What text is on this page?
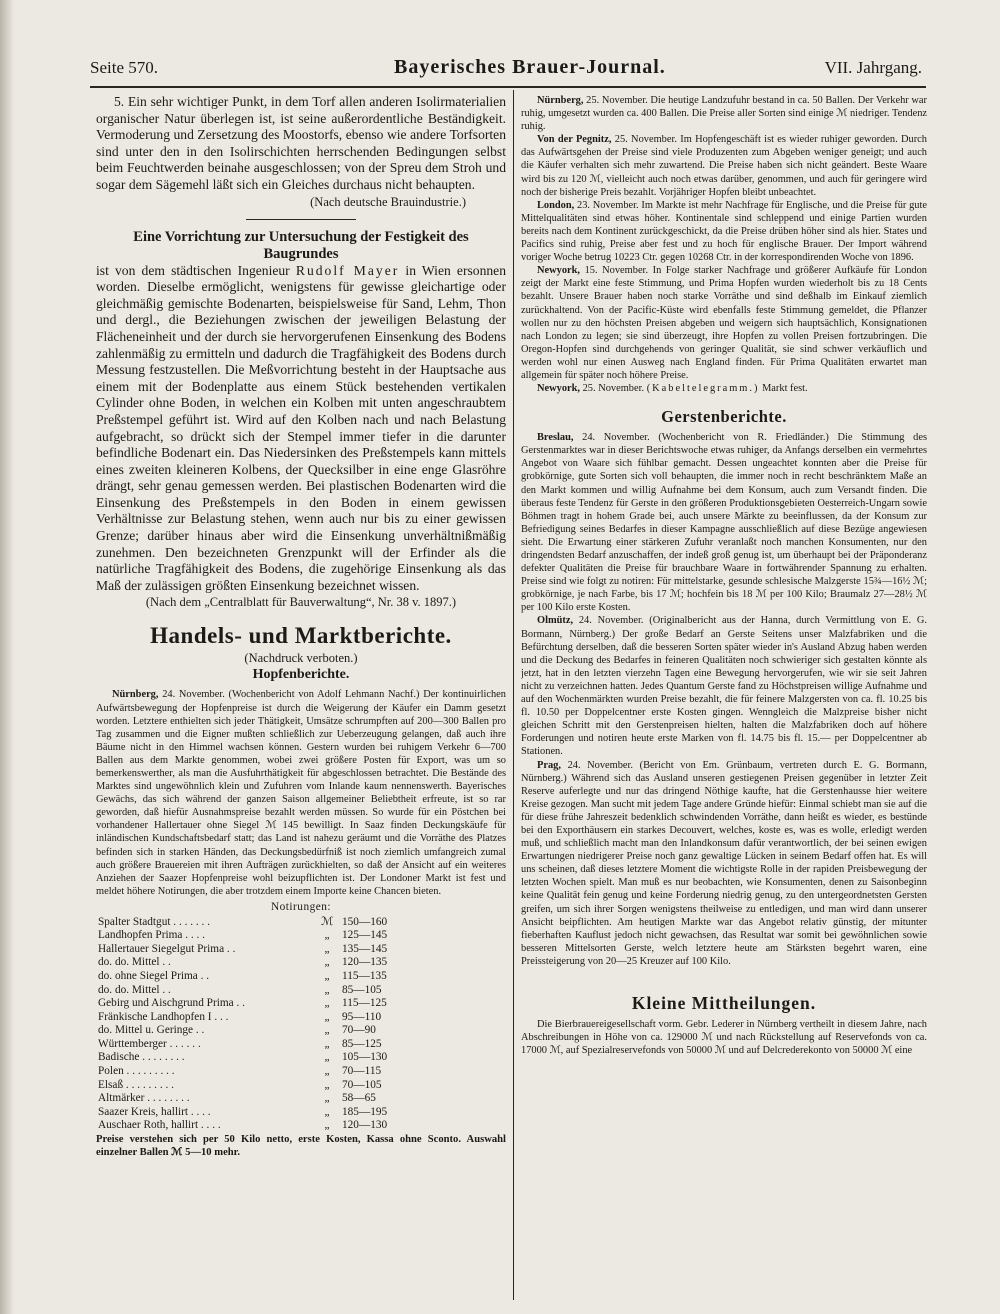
Seite 570.	Bayerisches Brauer-Journal.	VII. Jahrgang.

5. Ein sehr wichtiger Punkt, in dem Torf allen anderen Isolirmaterialien organischer Natur überlegen ist, ist seine außerordentliche Beständigkeit. Vermoderung und Zersetzung des Moostorfs, ebenso wie andere Torfsorten sind unter den in den Isolirschichten herrschenden Bedingungen selbst beim Feuchtwerden beinahe ausgeschlossen; von der Spreu dem Stroh und sogar dem Sägemehl läßt sich ein Gleiches durchaus nicht behaupten.

(Nach deutsche Brauindustrie.)

Eine Vorrichtung zur Untersuchung der Festigkeit des Baugrundes

ist von dem städtischen Ingenieur Rudolf Mayer in Wien ersonnen worden. Dieselbe ermöglicht, wenigstens für gewisse gleichartige oder gleichmäßig gemischte Bodenarten, beispielsweise für Sand, Lehm, Thon und dergl., die Beziehungen zwischen der jeweiligen Belastung der Flächeneinheit und der durch sie hervorgerufenen Einsenkung des Bodens zahlenmäßig zu ermitteln und dadurch die Tragfähigkeit des Bodens durch Messung festzustellen. Die Meßvorrichtung besteht in der Hauptsache aus einem mit der Bodenplatte aus einem Stück bestehenden vertikalen Cylinder ohne Boden, in welchen ein Kolben mit unten angeschraubtem Preßstempel geführt ist. Wird auf den Kolben nach und nach Belastung aufgebracht, so drückt sich der Stempel immer tiefer in die darunter befindliche Bodenart ein. Das Niedersinken des Preßstempels kann mittels eines zweiten kleineren Kolbens, der Quecksilber in eine enge Glasröhre drängt, sehr genau gemessen werden. Bei plastischen Bodenarten wird die Einsenkung des Preßstempels in den Boden in einem gewissen Verhältnisse zur Belastung stehen, wenn auch nur bis zu einer gewissen Grenze; darüber hinaus aber wird die Einsenkung unverhältnißmäßig zunehmen. Den bezeichneten Grenzpunkt will der Erfinder als die natürliche Tragfähigkeit des Bodens, die zugehörige Einsenkung als das Maß der zulässigen größten Einsenkung bezeichnet wissen.

(Nach dem „Centralblatt für Bauverwaltung“, Nr. 38 v. 1897.)

Handels- und Marktberichte.

(Nachdruck verboten.)

Hopfenberichte.

Nürnberg, 24. November. (Wochenbericht von Adolf Lehmann Nachf.) Der kontinuirlichen Aufwärtsbewegung der Hopfenpreise ist durch die Weigerung der Käufer ein Damm gesetzt worden. Letztere enthielten sich jeder Thätigkeit, Umsätze schrumpften auf 200—300 Ballen pro Tag zusammen und die Eigner mußten schließlich zur Ueberzeugung gelangen, daß auch ihre Bäume nicht in den Himmel wachsen können. Gestern wurden bei ruhigem Verkehr 6—700 Ballen aus dem Markte genommen, wobei zwei größere Posten für Export, was um so bemerkenswerther, als man die Ausfuhrthätigkeit für abgeschlossen betrachtet. Die Bestände des Marktes sind ungewöhnlich klein und Zufuhren vom Inlande kaum nennenswerth. Bayerisches Gewächs, das sich während der ganzen Saison allgemeiner Beliebtheit erfreute, ist so rar geworden, daß hiefür Ausnahmspreise bezahlt werden müssen. So wurde für ein Pöstchen bei vorhandener Hallertauer ohne Siegel ℳ 145 bewilligt. In Saaz finden Deckungskäufe für inländischen Kundschaftsbedarf statt; das Land ist nahezu geräumt und die Vorräthe des Platzes befinden sich in starken Händen, das Deckungsbedürfniß ist noch ziemlich umfangreich zumal auch größere Brauereien mit ihren Aufträgen zurückhielten, so daß der Ansicht auf ein weiteres Anziehen der Saazer Hopfenpreise wohl beizupflichten ist. Der Londoner Markt ist fest und meldet höhere Notirungen, die aber trotzdem einem Importe keine Chancen bieten.

Notirungen:
Spalter Stadtgut . . . . . . .	ℳ 150—160
Landhopfen Prima . . . .	„	125—145
Hallertauer Siegelgut Prima . .	„	135—145
do. do. Mittel . .	„	120—135
do. ohne Siegel Prima . .	„	115—135
do. do. Mittel . .	„	85—105
Gebirg und Aischgrund Prima . .	„	115—125
Fränkische Landhopfen I . . .	„	95—110
do. Mittel u. Geringe . .	„	70—90
Württemberger . . . . . .	„	85—125
Badische . . . . . . . .	„	105—130
Polen . . . . . . . . .	„	70—115
Elsaß . . . . . . . . .	„	70—105
Altmärker . . . . . . . .	„	58—65
Saazer Kreis, hallirt . . . .	„	185—195
Auschaer Roth, hallirt . . . .	„	120—130

Preise verstehen sich per 50 Kilo netto, erste Kosten, Kassa ohne Sconto. Auswahl einzelner Ballen ℳ 5—10 mehr.

Nürnberg, 25. November. Die heutige Landzufuhr bestand in ca. 50 Ballen. Der Verkehr war ruhig, umgesetzt wurden ca. 400 Ballen. Die Preise aller Sorten sind einige ℳ niedriger. Tendenz ruhig.

Von der Pegnitz, 25. November. Im Hopfengeschäft ist es wieder ruhiger geworden. Durch das Aufwärtsgehen der Preise sind viele Produzenten zum Abgeben weniger geneigt; und auch die Käufer verhalten sich mehr zuwartend. Die Preise haben sich nicht geändert. Beste Waare wird bis zu 120 ℳ, vielleicht auch noch etwas darüber, genommen, und auch für geringere wird noch der bisherige Preis bezahlt. Vorjähriger Hopfen bleibt unbeachtet.

London, 23. November. Im Markte ist mehr Nachfrage für Englische, und die Preise für gute Mittelqualitäten sind etwas höher. Kontinentale sind schleppend und einige Partien wurden bereits nach dem Kontinent zurückgeschickt, da die Preise drüben höher sind als hier. States und Pacifics sind ruhig, Preise aber fest und zu hoch für englische Brauer. Der Import während voriger Woche betrug 10223 Ctr. gegen 10268 Ctr. in der korrespondirenden Woche von 1896.

Newyork, 15. November. In Folge starker Nachfrage und größerer Aufkäufe für London zeigt der Markt eine feste Stimmung, und Prima Hopfen wurden wiederholt bis zu 18 Cents bezahlt. Unsere Brauer haben noch starke Vorräthe und sind deßhalb im Einkauf ziemlich zurückhaltend. Von der Pacific-Küste wird ebenfalls feste Stimmung gemeldet, die Pflanzer wollen nur zu den höchsten Preisen abgeben und weigern sich hauptsächlich, Konsignationen nach London zu legen; sie sind überzeugt, ihre Hopfen zu vollen Preisen fortzubringen. Die Oregon-Hopfen sind durchgehends von geringer Qualität, sie sind schwer verkäuflich und werden wohl nur einen Ausweg nach England finden. Für Prima Qualitäten erwartet man allgemein für später noch höhere Preise.

Newyork, 25. November. (Kabeltelegramm.) Markt fest.

Gerstenberichte.

Breslau, 24. November. (Wochenbericht von R. Friedländer.) Die Stimmung des Gerstenmarktes war in dieser Berichtswoche etwas ruhiger, da Anfangs derselben ein vermehrtes Angebot von Waare sich fühlbar gemacht. Dessen ungeachtet konnten aber die Preise für grobkörnige, gute Sorten sich voll behaupten, die immer noch in recht beschränktem Maße an den Markt kommen und willig Aufnahme bei dem Konsum, auch zum Versandt finden. Die überaus feste Tendenz für Gerste in den größeren Produktionsgebieten Oesterreich-Ungarn sowie Böhmen tragt in hohem Grade bei, auch unsere Märkte zu beeinflussen, da der Konsum zur Befriedigung seines Bedarfes in dieser Kampagne ausschließlich auf diese Bezüge angewiesen sieht. Die Erwartung einer stärkeren Zufuhr veranlaßt noch manchen Konsumenten, nur den dringendsten Bedarf anzuschaffen, der indeß groß genug ist, um überhaupt bei der Präponderanz defekter Qualitäten die Preise für brauchbare Waare in fortwährender Spannung zu erhalten. Preise sind wie folgt zu notiren: Für mittelstarke, gesunde schlesische Malzgerste 15¾—16½ ℳ; grobkörnige, je nach Farbe, bis 17 ℳ; hochfein bis 18 ℳ per 100 Kilo; Braumalz 27—28½ ℳ per 100 Kilo erste Kosten.

Olmütz, 24. November. (Originalbericht aus der Hanna, durch Vermittlung von E. G. Bormann, Nürnberg.) Der große Bedarf an Gerste Seitens unser Malzfabriken und die Befürchtung derselben, daß die besseren Sorten später wieder in's Ausland Abzug haben werden und die Deckung des Bedarfes in feineren Qualitäten noch schwieriger sich gestalten könnte als jetzt, hat in den letzten vierzehn Tagen eine Bewegung hervorgerufen, wie wir sie seit Jahren nicht zu verzeichnen hatten. Jedes Quantum Gerste fand zu Höchstpreisen willige Aufnahme und auf den Wochenmärkten wurden Preise bezahlt, die für feinere Malzgersten von ca. fl. 10.25 bis fl. 10.50 per Doppelcentner erste Kosten gingen. Wenngleich die Malzpreise bisher nicht gleichen Schritt mit den Gerstenpreisen hielten, halten die Malzfabriken doch auf höhere Forderungen und notiren heute erste Marken von fl. 14.75 bis fl. 15.— per Doppelcentner ab Stationen.

Prag, 24. November. (Bericht von Em. Grünbaum, vertreten durch E. G. Bormann, Nürnberg.) Während sich das Ausland unseren gestiegenen Preisen gegenüber in letzter Zeit Reserve auferlegte und nur das dringend Nöthige kaufte, hat die Gerstenhausse hier weitere Kreise gezogen. Man sucht mit jedem Tage andere Gründe hiefür: Einmal schiebt man sie auf die für diese frühe Jahreszeit bedenklich schwindenden Vorräthe, dann heißt es wieder, es bestünde bei den Exporthäusern ein starkes Decouvert, welches, koste es, was es wolle, erledigt werden muß, und schließlich macht man den Inlandkonsum dafür verantwortlich, der bei seinen ewigen Erwartungen niedrigerer Preise noch ganz gewaltige Lücken in seinem Bedarf offen hat. Es will uns scheinen, daß dieses letztere Moment die wichtigste Rolle in der rapiden Preisbewegung der letzten Wochen spielt. Man muß es nur beobachten, wie Konsumenten, denen zu Saisonbeginn keine Qualität fein genug und keine Forderung niedrig genug, zu den untergeordnetsten Gersten greifen, um sich ihrer Sorgen wenigstens theilweise zu entledigen, und man wird dann unserer Ansicht beipflichten. Am heutigen Markte war das Angebot relativ günstig, der mitunter fieberhaften Kauflust jedoch nicht gewachsen, das Resultat war somit bei gewöhnlichen sowie besseren Mittelsorten Gerste, welch letztere heute am Stärksten begehrt waren, eine Preissteigerung von 20—25 Kreuzer auf 100 Kilo.

Kleine Mittheilungen.

Die Bierbrauereigesellschaft vorm. Gebr. Lederer in Nürnberg vertheilt in diesem Jahre, nach Abschreibungen in Höhe von ca. 129000 ℳ und nach Rückstellung auf Reservefonds von ca. 17000 ℳ, auf Spezialreservefonds von 50000 ℳ und auf Delcrederekonto von 50000 ℳ eine
